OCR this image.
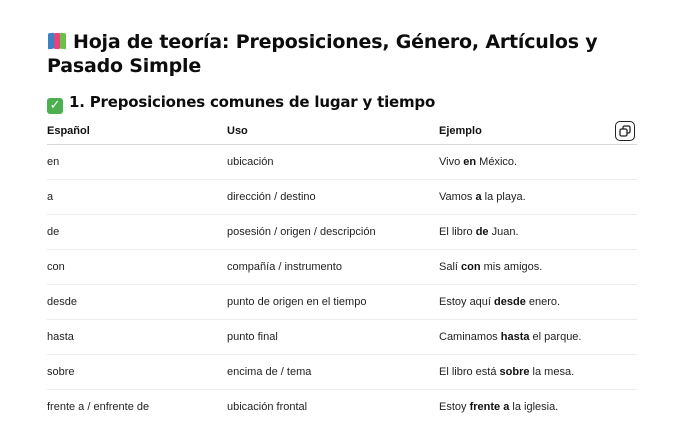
Hoja de teoría: Preposiciones, Género, Artículos y Pasado Simple
✓ 1. Preposiciones comunes de lugar y tiempo
Español	Uso	Ejemplo
en	ubicación	Vivo en México.
a	dirección / destino	Vamos a la playa.
de	posesión / origen / descripción	El libro de Juan.
con	compañía / instrumento	Salí con mis amigos.
desde	punto de origen en el tiempo	Estoy aquí desde enero.
hasta	punto final	Caminamos hasta el parque.
sobre	encima de / tema	El libro está sobre la mesa.
frente a / enfrente de	ubicación frontal	Estoy frente a la iglesia.
